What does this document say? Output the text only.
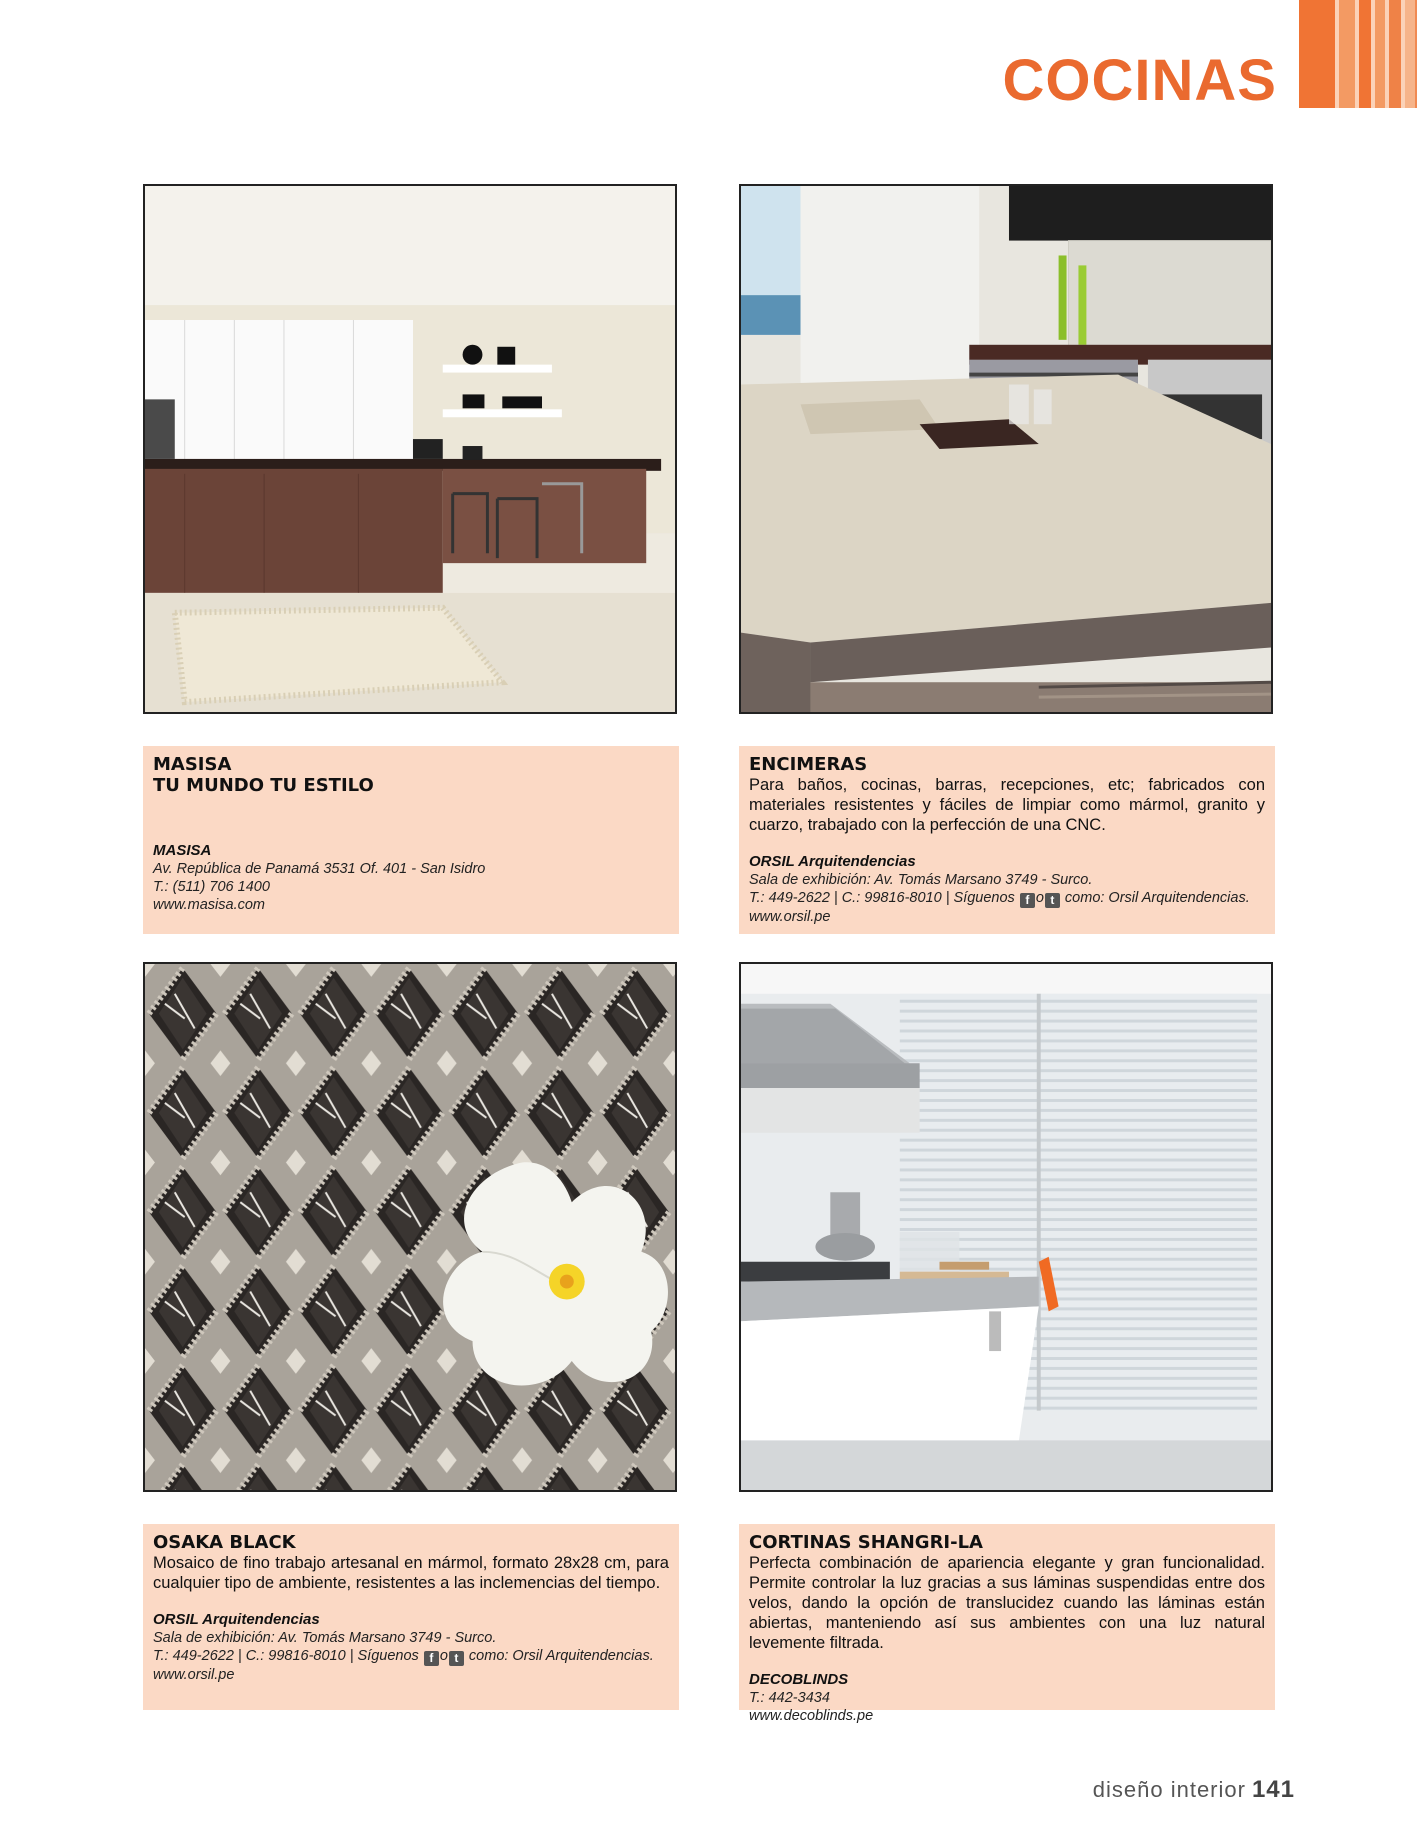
COCINAS

MASISA

TU MUNDO TU ESTILO

MASISA

Av. República de Panamá 3531 Of. 401 - San Isidro

T.: (511) 706 1400

www.masisa.com

ENCIMERAS

Para baños, cocinas, barras, recepciones, etc; fabricados con materiales resistentes y fáciles de limpiar como mármol, granito y cuarzo, trabajado con la perfección de una CNC.

ORSIL Arquitendencias

Sala de exhibición: Av. Tomás Marsano 3749 - Surco.

T.: 449-2622 | C.: 99816-8010 | Síguenos f o t como: Orsil Arquitendencias.

www.orsil.pe

OSAKA BLACK

Mosaico de fino trabajo artesanal en mármol, formato 28x28 cm, para cualquier tipo de ambiente, resistentes a las inclemencias del tiempo.

ORSIL Arquitendencias

Sala de exhibición: Av. Tomás Marsano 3749 - Surco.

T.: 449-2622 | C.: 99816-8010 | Síguenos f o t como: Orsil Arquitendencias.

www.orsil.pe

CORTINAS SHANGRI-LA

Perfecta combinación de apariencia elegante y gran funcionalidad. Permite controlar la luz gracias a sus láminas suspendidas entre dos velos, dando la opción de translucidez cuando las láminas están abiertas, manteniendo así sus ambientes con una luz natural levemente filtrada.

DECOBLINDS

T.: 442-3434

www.decoblinds.pe

diseño interior 141
